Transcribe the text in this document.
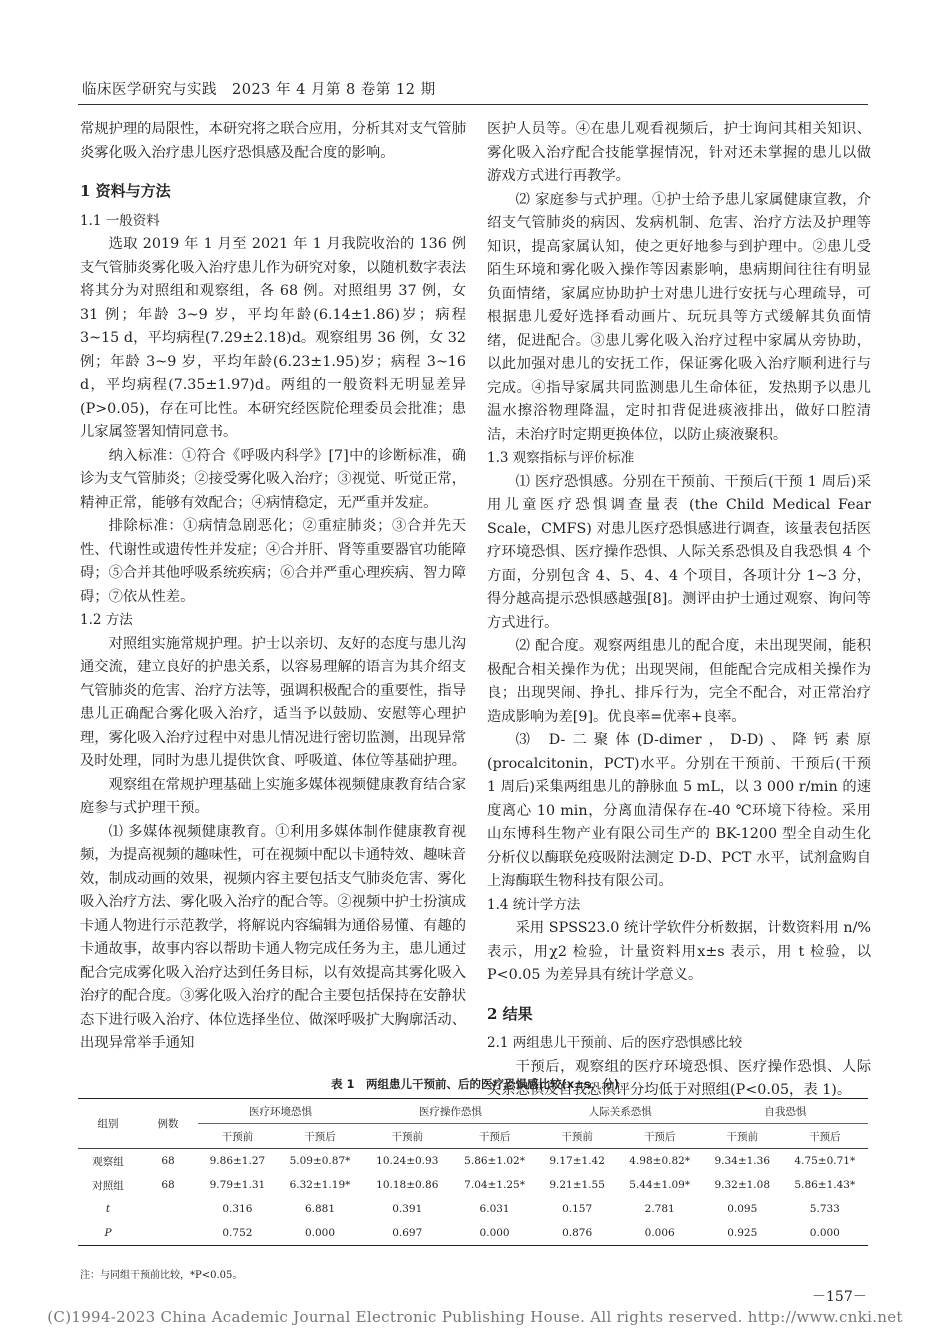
临床医学研究与实践　2023 年 4 月第 8 卷第 12 期

常规护理的局限性，本研究将之联合应用，分析其对支气管肺炎雾化吸入治疗患儿医疗恐惧感及配合度的影响。

1 资料与方法

1.1 一般资料

选取 2019 年 1 月至 2021 年 1 月我院收治的 136 例支气管肺炎雾化吸入治疗患儿作为研究对象，以随机数字表法将其分为对照组和观察组，各 68 例。对照组男 37 例，女 31 例；年龄 3~9 岁，平均年龄(6.14±1.86)岁；病程 3~15 d，平均病程(7.29±2.18)d。观察组男 36 例，女 32 例；年龄 3~9 岁，平均年龄(6.23±1.95)岁；病程 3~16 d，平均病程(7.35±1.97)d。两组的一般资料无明显差异(P>0.05)，存在可比性。本研究经医院伦理委员会批准；患儿家属签署知情同意书。

纳入标准：①符合《呼吸内科学》[7]中的诊断标准，确诊为支气管肺炎；②接受雾化吸入治疗；③视觉、听觉正常，精神正常，能够有效配合；④病情稳定，无严重并发症。

排除标准：①病情急剧恶化；②重症肺炎；③合并先天性、代谢性或遗传性并发症；④合并肝、肾等重要器官功能障碍；⑤合并其他呼吸系统疾病；⑥合并严重心理疾病、智力障碍；⑦依从性差。

1.2 方法

对照组实施常规护理。护士以亲切、友好的态度与患儿沟通交流，建立良好的护患关系，以容易理解的语言为其介绍支气管肺炎的危害、治疗方法等，强调积极配合的重要性，指导患儿正确配合雾化吸入治疗，适当予以鼓励、安慰等心理护理，雾化吸入治疗过程中对患儿情况进行密切监测，出现异常及时处理，同时为患儿提供饮食、呼吸道、体位等基础护理。

观察组在常规护理基础上实施多媒体视频健康教育结合家庭参与式护理干预。

⑴ 多媒体视频健康教育。①利用多媒体制作健康教育视频，为提高视频的趣味性，可在视频中配以卡通特效、趣味音效，制成动画的效果，视频内容主要包括支气肺炎危害、雾化吸入治疗方法、雾化吸入治疗的配合等。②视频中护士扮演成卡通人物进行示范教学，将解说内容编辑为通俗易懂、有趣的卡通故事，故事内容以帮助卡通人物完成任务为主，患儿通过配合完成雾化吸入治疗达到任务目标，以有效提高其雾化吸入治疗的配合度。③雾化吸入治疗的配合主要包括保持在安静状态下进行吸入治疗、体位选择坐位、做深呼吸扩大胸廓活动、出现异常举手通知

医护人员等。④在患儿观看视频后，护士询问其相关知识、雾化吸入治疗配合技能掌握情况，针对还未掌握的患儿以做游戏方式进行再教学。

⑵ 家庭参与式护理。①护士给予患儿家属健康宣教，介绍支气管肺炎的病因、发病机制、危害、治疗方法及护理等知识，提高家属认知，使之更好地参与到护理中。②患儿受陌生环境和雾化吸入操作等因素影响，患病期间往往有明显负面情绪，家属应协助护士对患儿进行安抚与心理疏导，可根据患儿爱好选择看动画片、玩玩具等方式缓解其负面情绪，促进配合。③患儿雾化吸入治疗过程中家属从旁协助，以此加强对患儿的安抚工作，保证雾化吸入治疗顺利进行与完成。④指导家属共同监测患儿生命体征，发热期予以患儿温水擦浴物理降温，定时扣背促进痰液排出，做好口腔清洁，未治疗时定期更换体位，以防止痰液聚积。

1.3 观察指标与评价标准

⑴ 医疗恐惧感。分别在干预前、干预后(干预 1 周后)采用儿童医疗恐惧调查量表 (the Child Medical Fear Scale，CMFS) 对患儿医疗恐惧感进行调查，该量表包括医疗环境恐惧、医疗操作恐惧、人际关系恐惧及自我恐惧 4 个方面，分别包含 4、5、4、4 个项目，各项计分 1~3 分，得分越高提示恐惧感越强[8]。测评由护士通过观察、询问等方式进行。

⑵ 配合度。观察两组患儿的配合度，未出现哭闹，能积极配合相关操作为优；出现哭闹，但能配合完成相关操作为良；出现哭闹、挣扎、排斥行为，完全不配合，对正常治疗造成影响为差[9]。优良率=优率+良率。

⑶ D-二聚体(D-dimer，D-D)、降钙素原(procalcitonin，PCT)水平。分别在干预前、干预后(干预 1 周后)采集两组患儿的静脉血 5 mL，以 3 000 r/min 的速度离心 10 min，分离血清保存在-40 ℃环境下待检。采用山东博科生物产业有限公司生产的 BK-1200 型全自动生化分析仪以酶联免疫吸附法测定 D-D、PCT 水平，试剂盒购自上海酶联生物科技有限公司。

1.4 统计学方法

采用 SPSS23.0 统计学软件分析数据，计数资料用 n/%表示，用χ2 检验，计量资料用x±s 表示，用 t 检验，以 P<0.05 为差异具有统计学意义。

2 结果

2.1 两组患儿干预前、后的医疗恐惧感比较

干预后，观察组的医疗环境恐惧、医疗操作恐惧、人际关系恐惧及自我恐惧评分均低于对照组(P<0.05，表 1)。

表 1　两组患儿干预前、后的医疗恐惧感比较(x±s，分)
组别	例数	医疗环境恐惧		医疗操作恐惧		人际关系恐惧		自我恐惧	
		干预前	干预后	干预前	干预后	干预前	干预后	干预前	干预后
观察组	68	9.86±1.27	5.09±0.87*	10.24±0.93	5.86±1.02*	9.17±1.42	4.98±0.82*	9.34±1.36	4.75±0.71*
对照组	68	9.79±1.31	6.32±1.19*	10.18±0.86	7.04±1.25*	9.21±1.55	5.44±1.09*	9.32±1.08	5.86±1.43*
t		0.316	6.881	0.391	6.031	0.157	2.781	0.095	5.733
P		0.752	0.000	0.697	0.000	0.876	0.006	0.925	0.000
注：与同组干预前比较，*P<0.05。
－157－
(C)1994-2023 China Academic Journal Electronic Publishing House. All rights reserved. http://www.cnki.net
